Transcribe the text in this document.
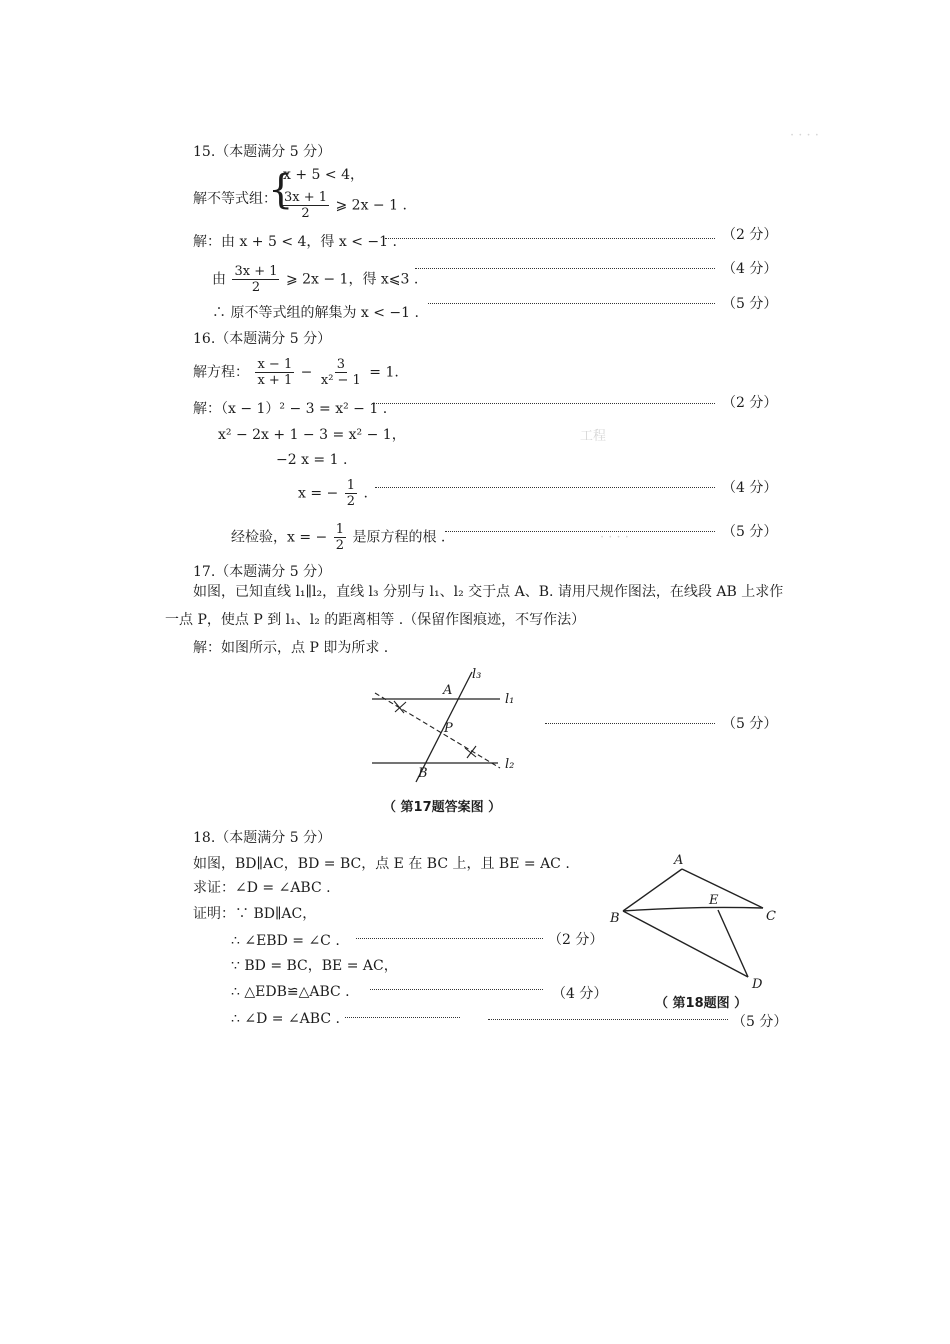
· · · ·
工程
· · · ·
15.（本题满分 5 分）
解不等式组：
{
x + 5 < 4，
$\frac{3x + 1}{2}$ ⩾ 2x − 1 .
解：由 x + 5 < 4，得 x < −1 .	（2 分）
由 $\frac{3x + 1}{2}$ ⩾ 2x − 1，得 x⩽3 .
（4 分）
∴ 原不等式组的解集为 x < −1 .
（5 分）
16.（本题满分 5 分）
解方程： $\frac{x - 1}{x + 1} - \frac{3}{\text{x² − 1}} = 1$.
解：（x − 1）² − 3 = x² − 1 .	（2 分）
x² − 2x + 1 − 3 = x² − 1，
−2 x = 1 .
x = − $\frac{1}{2}$ .	（4 分）
经检验，x = − $\frac{1}{2}$ 是原方程的根 .	（5 分）
17.（本题满分 5 分）
如图，已知直线 l₁∥l₂，直线 l₃ 分别与 l₁、l₂ 交于点 A、B. 请用尺规作图法，在线段 AB 上求作
一点 P，使点 P 到 l₁、l₂ 的距离相等 .（保留作图痕迹，不写作法）
解：如图所示，点 P 即为所求 .
l₃
A
l₁
P
B
l₂
（5 分）
（ 第17题答案图 ）
18.（本题满分 5 分）
如图，BD∥AC，BD = BC，点 E 在 BC 上，且 BE = AC .
求证：∠D = ∠ABC .
证明：∵ BD∥AC，
∴ ∠EBD = ∠C .	（2 分）
∵ BD = BC，BE = AC，
∴ △EDB≌△ABC .	（4 分）
∴ ∠D = ∠ABC .	（5 分）
A
B
E
C
D
（ 第18题图 ）
